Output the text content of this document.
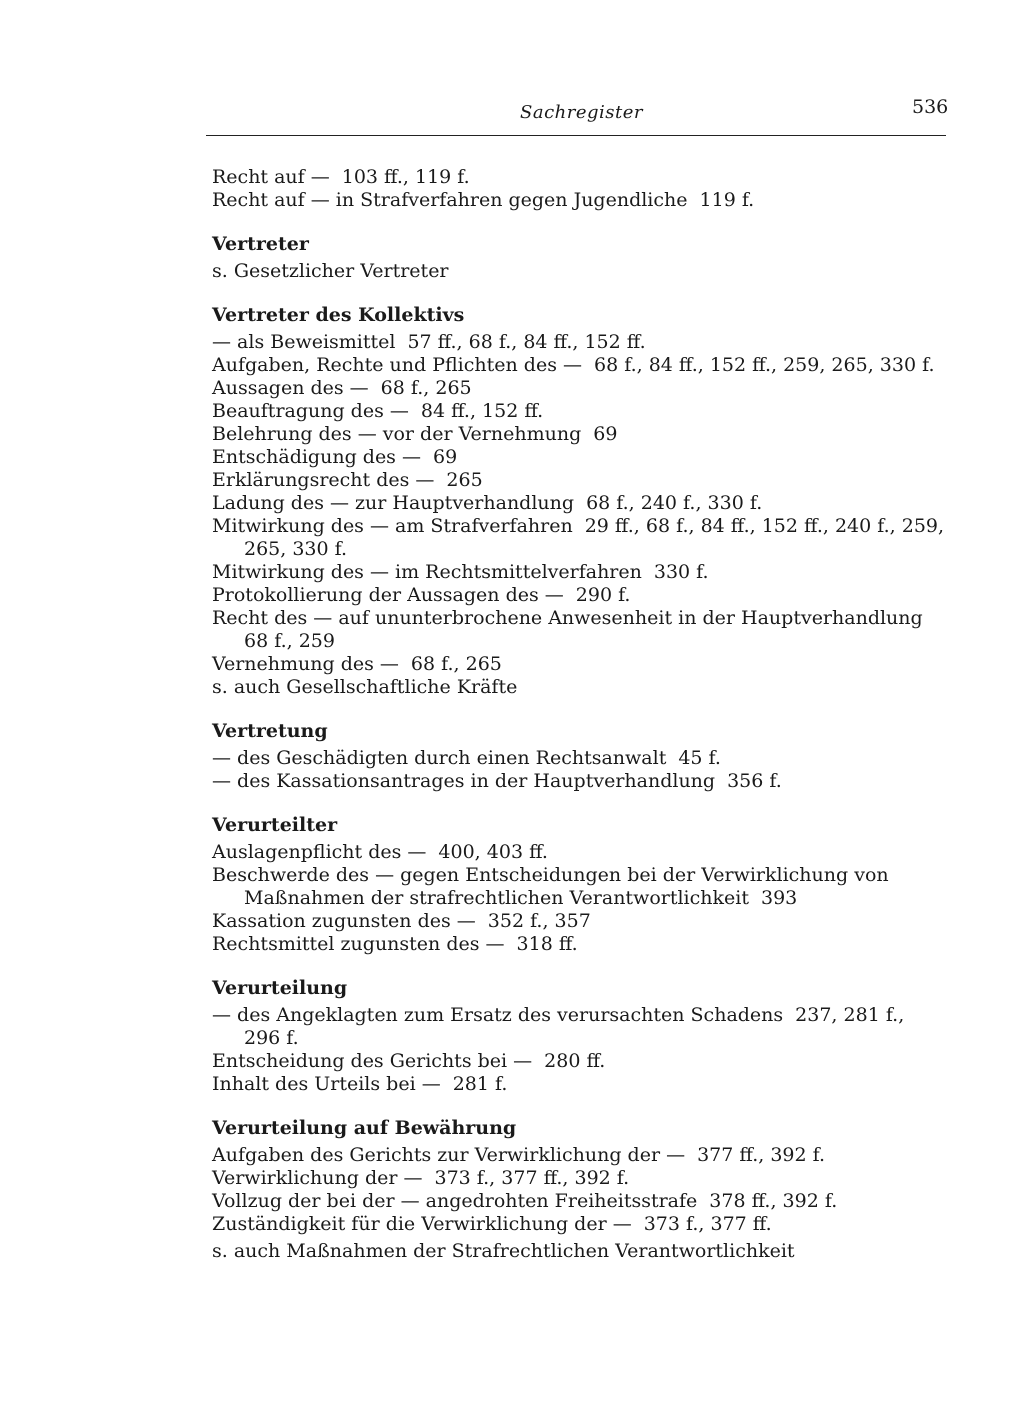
Sachregister	536
Recht auf — 103 ff., 119 f.
Recht auf — in Strafverfahren gegen Jugendliche 119 f.
Vertreter
s. Gesetzlicher Vertreter
Vertreter des Kollektivs
— als Beweismittel 57 ff., 68 f., 84 ff., 152 ff.
Aufgaben, Rechte und Pflichten des — 68 f., 84 ff., 152 ff., 259, 265, 330 f.
Aussagen des — 68 f., 265
Beauftragung des — 84 ff., 152 ff.
Belehrung des — vor der Vernehmung 69
Entschädigung des — 69
Erklärungsrecht des — 265
Ladung des — zur Hauptverhandlung 68 f., 240 f., 330 f.
Mitwirkung des — am Strafverfahren 29 ff., 68 f., 84 ff., 152 ff., 240 f., 259,
265, 330 f.
Mitwirkung des — im Rechtsmittelverfahren 330 f.
Protokollierung der Aussagen des — 290 f.
Recht des — auf ununterbrochene Anwesenheit in der Hauptverhandlung
68 f., 259
Vernehmung des — 68 f., 265
s. auch Gesellschaftliche Kräfte
Vertretung
— des Geschädigten durch einen Rechtsanwalt 45 f.
— des Kassationsantrages in der Hauptverhandlung 356 f.
Verurteilter
Auslagenpflicht des — 400, 403 ff.
Beschwerde des — gegen Entscheidungen bei der Verwirklichung von
Maßnahmen der strafrechtlichen Verantwortlichkeit 393
Kassation zugunsten des — 352 f., 357
Rechtsmittel zugunsten des — 318 ff.
Verurteilung
— des Angeklagten zum Ersatz des verursachten Schadens 237, 281 f.,
296 f.
Entscheidung des Gerichts bei — 280 ff.
Inhalt des Urteils bei — 281 f.
Verurteilung auf Bewährung
Aufgaben des Gerichts zur Verwirklichung der — 377 ff., 392 f.
Verwirklichung der — 373 f., 377 ff., 392 f.
Vollzug der bei der — angedrohten Freiheitsstrafe 378 ff., 392 f.
Zuständigkeit für die Verwirklichung der — 373 f., 377 ff.
s. auch Maßnahmen der Strafrechtlichen Verantwortlichkeit
